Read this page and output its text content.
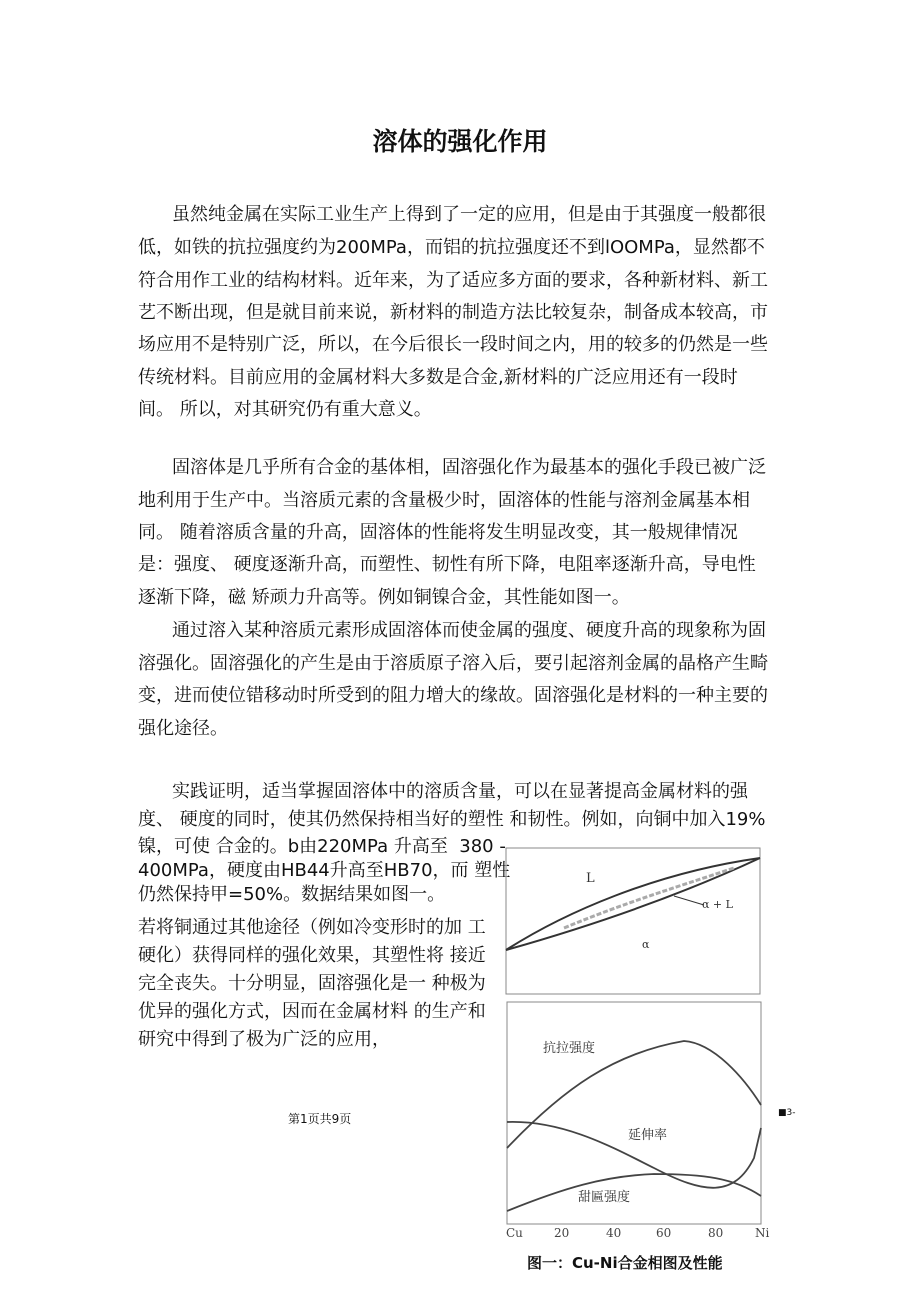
溶体的强化作用
虽然纯金属在实际工业生产上得到了一定的应用，但是由于其强度一般都很
低，如铁的抗拉强度约为200MPa，而铝的抗拉强度还不到lOOMPa，显然都不
符合用作工业的结构材料。近年来，为了适应多方面的要求，各种新材料、新工
艺不断出现，但是就目前来说，新材料的制造方法比较复杂，制备成本较高，市
场应用不是特别广泛，所以，在今后很长一段时间之内，用的较多的仍然是一些
传统材料。目前应用的金属材料大多数是合金,新材料的广泛应用还有一段时
间。 所以，对其研究仍有重大意义。
固溶体是几乎所有合金的基体相，固溶强化作为最基本的强化手段已被广泛
地利用于生产中。当溶质元素的含量极少时，固溶体的性能与溶剂金属基本相
同。 随着溶质含量的升高，固溶体的性能将发生明显改变，其一般规律情况
是：强度、 硬度逐渐升高，而塑性、韧性有所下降，电阻率逐渐升高，导电性
逐渐下降，磁 矫顽力升高等。例如铜镍合金，其性能如图一。
通过溶入某种溶质元素形成固溶体而使金属的强度、硬度升高的现象称为固
溶强化。固溶强化的产生是由于溶质原子溶入后，要引起溶剂金属的晶格产生畸
变，进而使位错移动时所受到的阻力增大的缘故。固溶强化是材料的一种主要的
强化途径。
实践证明，适当掌握固溶体中的溶质含量，可以在显著提高金属材料的强
度、 硬度的同时，使其仍然保持相当好的塑性 和韧性。例如，向铜中加入19%
镍，可使 合金的。b由220MPa 升高至  380 -
400MPa，硬度由HB44升高至HB70，而 塑性
仍然保持甲=50%。数据结果如图一。
若将铜通过其他途径（例如冷变形时的加 工
硬化）获得同样的强化效果，其塑性将 接近
完全丧失。十分明显，固溶强化是一 种极为
优异的强化方式，因而在金属材料 的生产和
研究中得到了极为广泛的应用，
第1页共9页
L
α + L
α
抗拉强度
延伸率
甜匾强度
Cu	20	40	60	80	Ni
■3-
图一：Cu-Ni合金相图及性能
